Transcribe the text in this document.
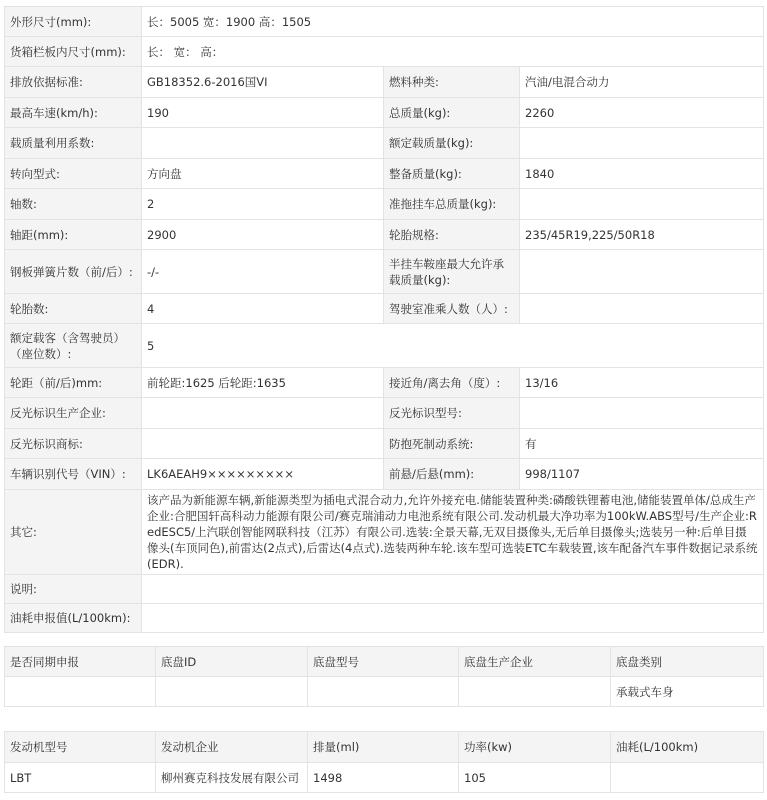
外形尺寸(mm):	长：5005 宽：1900 高：1505		
货箱栏板内尺寸(mm):	长： 宽： 高：		
排放依据标准:	GB18352.6-2016国VI	燃料种类:	汽油/电混合动力
最高车速(km/h):	190	总质量(kg):	2260
载质量利用系数:		额定载质量(kg):	
转向型式:	方向盘	整备质量(kg):	1840
轴数:	2	准拖挂车总质量(kg):	
轴距(mm):	2900	轮胎规格:	235/45R19,225/50R18
钢板弹簧片数（前/后）:	-/-	半挂车鞍座最大允许承载质量(kg):	
轮胎数:	4	驾驶室准乘人数（人）:	
额定载客（含驾驶员）（座位数）:	5		
轮距（前/后)mm:	前轮距:1625 后轮距:1635	接近角/离去角（度）:	13/16
反光标识生产企业:		反光标识型号:	
反光标识商标:		防抱死制动系统:	有
车辆识别代号（VIN）:	LK6AEAH9×××××××××	前悬/后悬(mm):	998/1107
其它:	该产品为新能源车辆,新能源类型为插电式混合动力,允许外接充电.储能装置种类:磷酸铁锂蓄电池,储能装置单体/总成生产企业:合肥国轩高科动力能源有限公司/赛克瑞浦动力电池系统有限公司.发动机最大净功率为100kW.ABS型号/生产企业:RedESC5/上汽联创智能网联科技（江苏）有限公司.选装:全景天幕,无双目摄像头,无后单目摄像头;选装另一种:后单目摄像头(车顶同色),前雷达(2点式),后雷达(4点式).选装两种车轮.该车型可选装ETC车载装置,该车配备汽车事件数据记录系统(EDR).		
说明:			
油耗申报值(L/100km):			
是否同期申报	底盘ID	底盘型号	底盘生产企业	底盘类别
				承载式车身
发动机型号	发动机企业	排量(ml)	功率(kw)	油耗(L/100km)
LBT	柳州赛克科技发展有限公司	1498	105	
